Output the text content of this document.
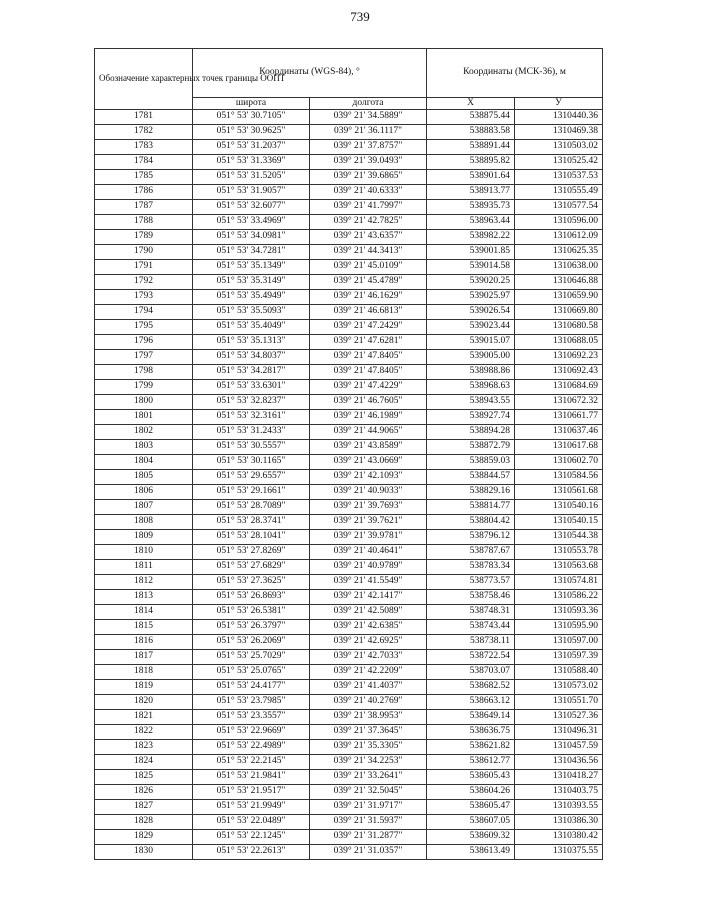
739
Обозначение характерных точек границы ООПТ	Координаты (WGS-84), °		Координаты (МСК-36), м	
	широта	долгота	X	У
1781	051° 53' 30.7105"	039° 21' 34.5889"	538875.44	1310440.36
1782	051° 53' 30.9625"	039° 21' 36.1117"	538883.58	1310469.38
1783	051° 53' 31.2037"	039° 21' 37.8757"	538891.44	1310503.02
1784	051° 53' 31.3369"	039° 21' 39.0493"	538895.82	1310525.42
1785	051° 53' 31.5205"	039° 21' 39.6865"	538901.64	1310537.53
1786	051° 53' 31.9057"	039° 21' 40.6333"	538913.77	1310555.49
1787	051° 53' 32.6077"	039° 21' 41.7997"	538935.73	1310577.54
1788	051° 53' 33.4969"	039° 21' 42.7825"	538963.44	1310596.00
1789	051° 53' 34.0981"	039° 21' 43.6357"	538982.22	1310612.09
1790	051° 53' 34.7281"	039° 21' 44.3413"	539001.85	1310625.35
1791	051° 53' 35.1349"	039° 21' 45.0109"	539014.58	1310638.00
1792	051° 53' 35.3149"	039° 21' 45.4789"	539020.25	1310646.88
1793	051° 53' 35.4949"	039° 21' 46.1629"	539025.97	1310659.90
1794	051° 53' 35.5093"	039° 21' 46.6813"	539026.54	1310669.80
1795	051° 53' 35.4049"	039° 21' 47.2429"	539023.44	1310680.58
1796	051° 53' 35.1313"	039° 21' 47.6281"	539015.07	1310688.05
1797	051° 53' 34.8037"	039° 21' 47.8405"	539005.00	1310692.23
1798	051° 53' 34.2817"	039° 21' 47.8405"	538988.86	1310692.43
1799	051° 53' 33.6301"	039° 21' 47.4229"	538968.63	1310684.69
1800	051° 53' 32.8237"	039° 21' 46.7605"	538943.55	1310672.32
1801	051° 53' 32.3161"	039° 21' 46.1989"	538927.74	1310661.77
1802	051° 53' 31.2433"	039° 21' 44.9065"	538894.28	1310637.46
1803	051° 53' 30.5557"	039° 21' 43.8589"	538872.79	1310617.68
1804	051° 53' 30.1165"	039° 21' 43.0669"	538859.03	1310602.70
1805	051° 53' 29.6557"	039° 21' 42.1093"	538844.57	1310584.56
1806	051° 53' 29.1661"	039° 21' 40.9033"	538829.16	1310561.68
1807	051° 53' 28.7089"	039° 21' 39.7693"	538814.77	1310540.16
1808	051° 53' 28.3741"	039° 21' 39.7621"	538804.42	1310540.15
1809	051° 53' 28.1041"	039° 21' 39.9781"	538796.12	1310544.38
1810	051° 53' 27.8269"	039° 21' 40.4641"	538787.67	1310553.78
1811	051° 53' 27.6829"	039° 21' 40.9789"	538783.34	1310563.68
1812	051° 53' 27.3625"	039° 21' 41.5549"	538773.57	1310574.81
1813	051° 53' 26.8693"	039° 21' 42.1417"	538758.46	1310586.22
1814	051° 53' 26.5381"	039° 21' 42.5089"	538748.31	1310593.36
1815	051° 53' 26.3797"	039° 21' 42.6385"	538743.44	1310595.90
1816	051° 53' 26.2069"	039° 21' 42.6925"	538738.11	1310597.00
1817	051° 53' 25.7029"	039° 21' 42.7033"	538722.54	1310597.39
1818	051° 53' 25.0765"	039° 21' 42.2209"	538703.07	1310588.40
1819	051° 53' 24.4177"	039° 21' 41.4037"	538682.52	1310573.02
1820	051° 53' 23.7985"	039° 21' 40.2769"	538663.12	1310551.70
1821	051° 53' 23.3557"	039° 21' 38.9953"	538649.14	1310527.36
1822	051° 53' 22.9669"	039° 21' 37.3645"	538636.75	1310496.31
1823	051° 53' 22.4989"	039° 21' 35.3305"	538621.82	1310457.59
1824	051° 53' 22.2145"	039° 21' 34.2253"	538612.77	1310436.56
1825	051° 53' 21.9841"	039° 21' 33.2641"	538605.43	1310418.27
1826	051° 53' 21.9517"	039° 21' 32.5045"	538604.26	1310403.75
1827	051° 53' 21.9949"	039° 21' 31.9717"	538605.47	1310393.55
1828	051° 53' 22.0489"	039° 21' 31.5937"	538607.05	1310386.30
1829	051° 53' 22.1245"	039° 21' 31.2877"	538609.32	1310380.42
1830	051° 53' 22.2613"	039° 21' 31.0357"	538613.49	1310375.55
